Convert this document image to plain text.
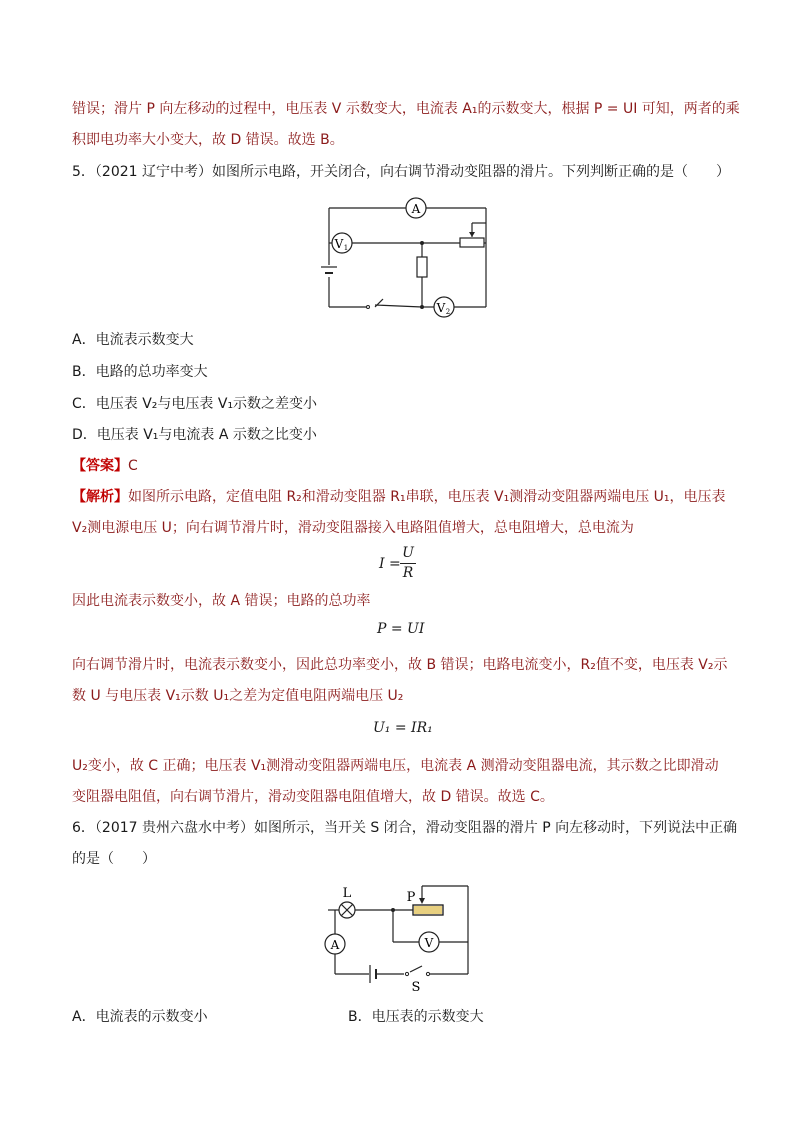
错误；滑片 P 向左移动的过程中，电压表 V 示数变大，电流表 A₁的示数变大，根据 P = UI 可知，两者的乘
积即电功率大小变大，故 D 错误。故选 B。
5．（2021 辽宁中考）如图所示电路，开关闭合，向右调节滑动变阻器的滑片。下列判断正确的是（　　）
A
V 1
V 2
A．电流表示数变大
B．电路的总功率变大
C．电压表 V₂与电压表 V₁示数之差变小
D．电压表 V₁与电流表 A 示数之比变小
【答案】C
【解析】如图所示电路，定值电阻 R₂和滑动变阻器 R₁串联，电压表 V₁测滑动变阻器两端电压 U₁，电压表
V₂测电源电压 U；向右调节滑片时，滑动变阻器接入电路阻值增大，总电阻增大，总电流为
I =
U
R
因此电流表示数变小，故 A 错误；电路的总功率
P = UI
向右调节滑片时，电流表示数变小，因此总功率变小，故 B 错误；电路电流变小，R₂值不变，电压表 V₂示
数 U 与电压表 V₁示数 U₁之差为定值电阻两端电压 U₂
U₁ = IR₁
U₂变小，故 C 正确；电压表 V₁测滑动变阻器两端电压，电流表 A 测滑动变阻器电流，其示数之比即滑动
变阻器电阻值，向右调节滑片，滑动变阻器电阻值增大，故 D 错误。故选 C。
6．（2017 贵州六盘水中考）如图所示，当开关 S 闭合，滑动变阻器的滑片 P 向左移动时，下列说法中正确
的是（　　）
L	P
A	V
S
A．电流表的示数变小	B．电压表的示数变大
